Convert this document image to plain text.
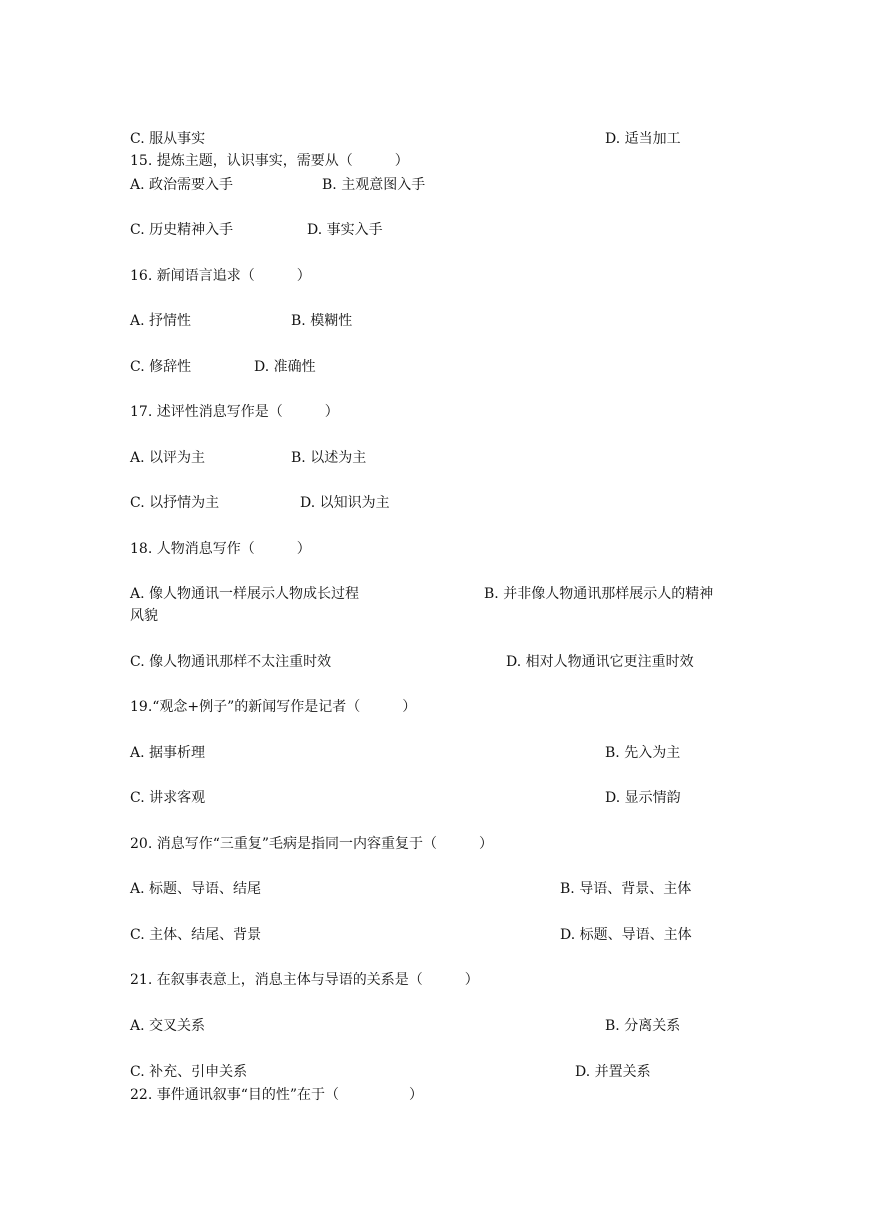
C. 服从事实	D. 适当加工
15. 提炼主题，认识事实，需要从（　　　）
A. 政治需要入手	B. 主观意图入手
C. 历史精神入手	D. 事实入手
16. 新闻语言追求（　　　）
A. 抒情性	B. 模糊性
C. 修辞性	D. 准确性
17. 述评性消息写作是（　　　）
A. 以评为主	B. 以述为主
C. 以抒情为主	D. 以知识为主
18. 人物消息写作（　　　）
A. 像人物通讯一样展示人物成长过程	B. 并非像人物通讯那样展示人的精神
风貌
C. 像人物通讯那样不太注重时效	D. 相对人物通讯它更注重时效
19.“观念+例子”的新闻写作是记者（　　　）
A. 据事析理	B. 先入为主
C. 讲求客观	D. 显示情韵
20. 消息写作“三重复”毛病是指同一内容重复于（　　　）
A. 标题、导语、结尾	B. 导语、背景、主体
C. 主体、结尾、背景	D. 标题、导语、主体
21. 在叙事表意上，消息主体与导语的关系是（　　　）
A. 交叉关系	B. 分离关系
C. 补充、引申关系	D. 并置关系
22. 事件通讯叙事“目的性”在于（　　　　　）
